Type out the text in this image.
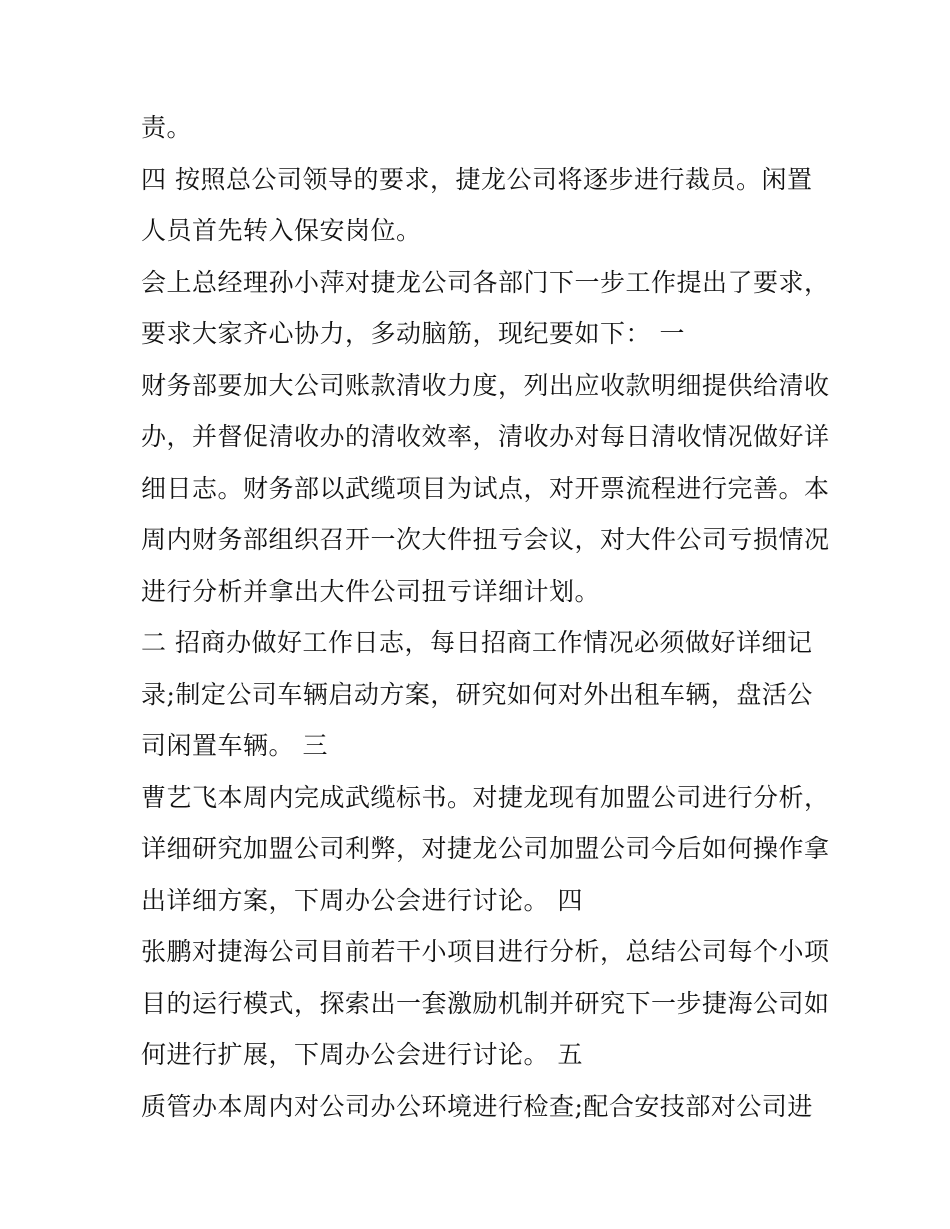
责。
四 按照总公司领导的要求，捷龙公司将逐步进行裁员。闲置
人员首先转入保安岗位。
会上总经理孙小萍对捷龙公司各部门下一步工作提出了要求，
要求大家齐心协力，多动脑筋，现纪要如下： 一
财务部要加大公司账款清收力度，列出应收款明细提供给清收
办，并督促清收办的清收效率，清收办对每日清收情况做好详
细日志。财务部以武缆项目为试点，对开票流程进行完善。本
周内财务部组织召开一次大件扭亏会议，对大件公司亏损情况
进行分析并拿出大件公司扭亏详细计划。
二 招商办做好工作日志，每日招商工作情况必须做好详细记
录;制定公司车辆启动方案，研究如何对外出租车辆，盘活公
司闲置车辆。 三
曹艺飞本周内完成武缆标书。对捷龙现有加盟公司进行分析，
详细研究加盟公司利弊，对捷龙公司加盟公司今后如何操作拿
出详细方案，下周办公会进行讨论。 四
张鹏对捷海公司目前若干小项目进行分析，总结公司每个小项
目的运行模式，探索出一套激励机制并研究下一步捷海公司如
何进行扩展，下周办公会进行讨论。 五
质管办本周内对公司办公环境进行检查;配合安技部对公司进
